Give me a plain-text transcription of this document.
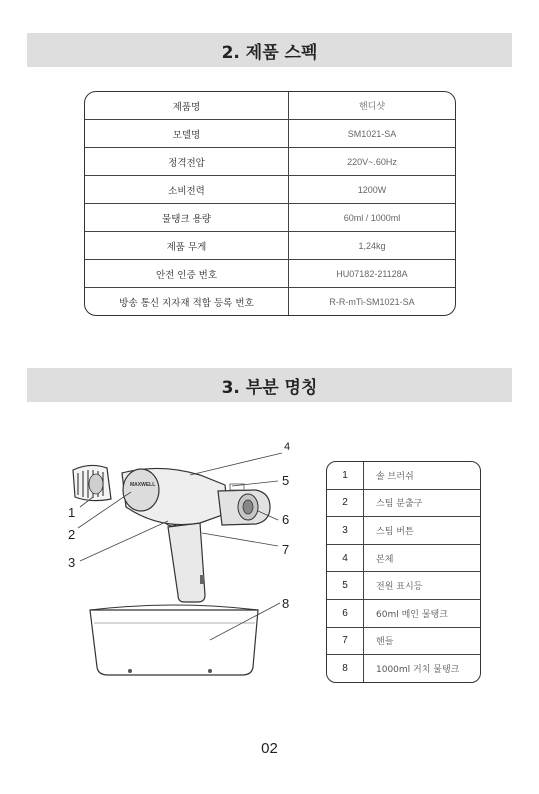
2. 제품 스펙
제품명	핸디샷
모델명	SM1021-SA
정격전압	220V~.60Hz
소비전력	1200W
물탱크 용량	60ml / 1000ml
제품 무게	1,24kg
안전 인증 번호	HU07182-21128A
방송 통신 지자재 적합 등록 번호	R-R-mTi-SM1021-SA
3. 부분 명칭
MAXWELL
1
2
3
4
5
6
7
8
1	솔 브러쉬
2	스팀 분출구
3	스팀 버튼
4	본체
5	전원 표시등
6	60ml 메인 물탱크
7	핸들
8	1000ml 거치 물탱크
02
